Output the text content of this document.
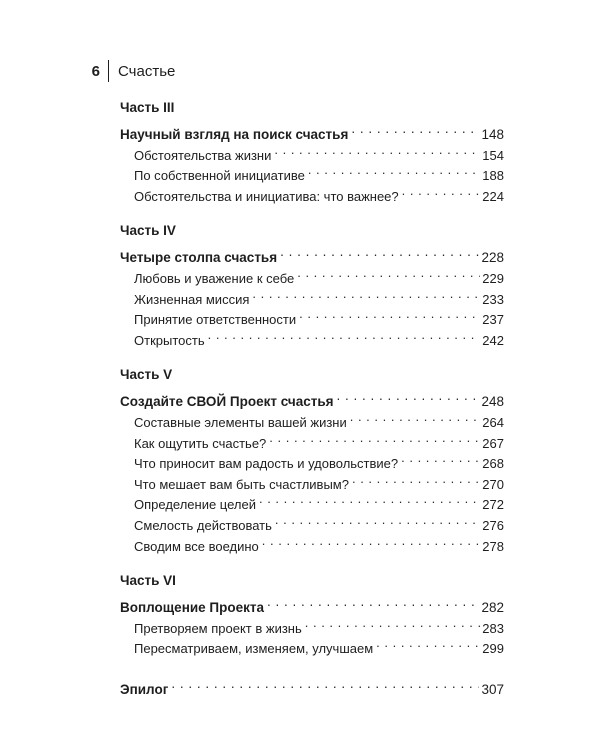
6 Счастье
Часть III
Научный взгляд на поиск счастья . . .	148
Обстоятельства жизни . . .	154
По собственной инициативе . . .	188
Обстоятельства и инициатива: что важнее? . . .	224
Часть IV
Четыре столпа счастья . . .	228
Любовь и уважение к себе . . .	229
Жизненная миссия . . .	233
Принятие ответственности . . .	237
Открытость . . .	242
Часть V
Создайте СВОЙ Проект счастья . . .	248
Составные элементы вашей жизни . . .	264
Как ощутить счастье? . . .	267
Что приносит вам радость и удовольствие? . . .	268
Что мешает вам быть счастливым? . . .	270
Определение целей . . .	272
Смелость действовать . . .	276
Сводим все воедино . . .	278
Часть VI
Воплощение Проекта . . .	282
Претворяем проект в жизнь . . .	283
Пересматриваем, изменяем, улучшаем . . .	299
Эпилог . . .	307
